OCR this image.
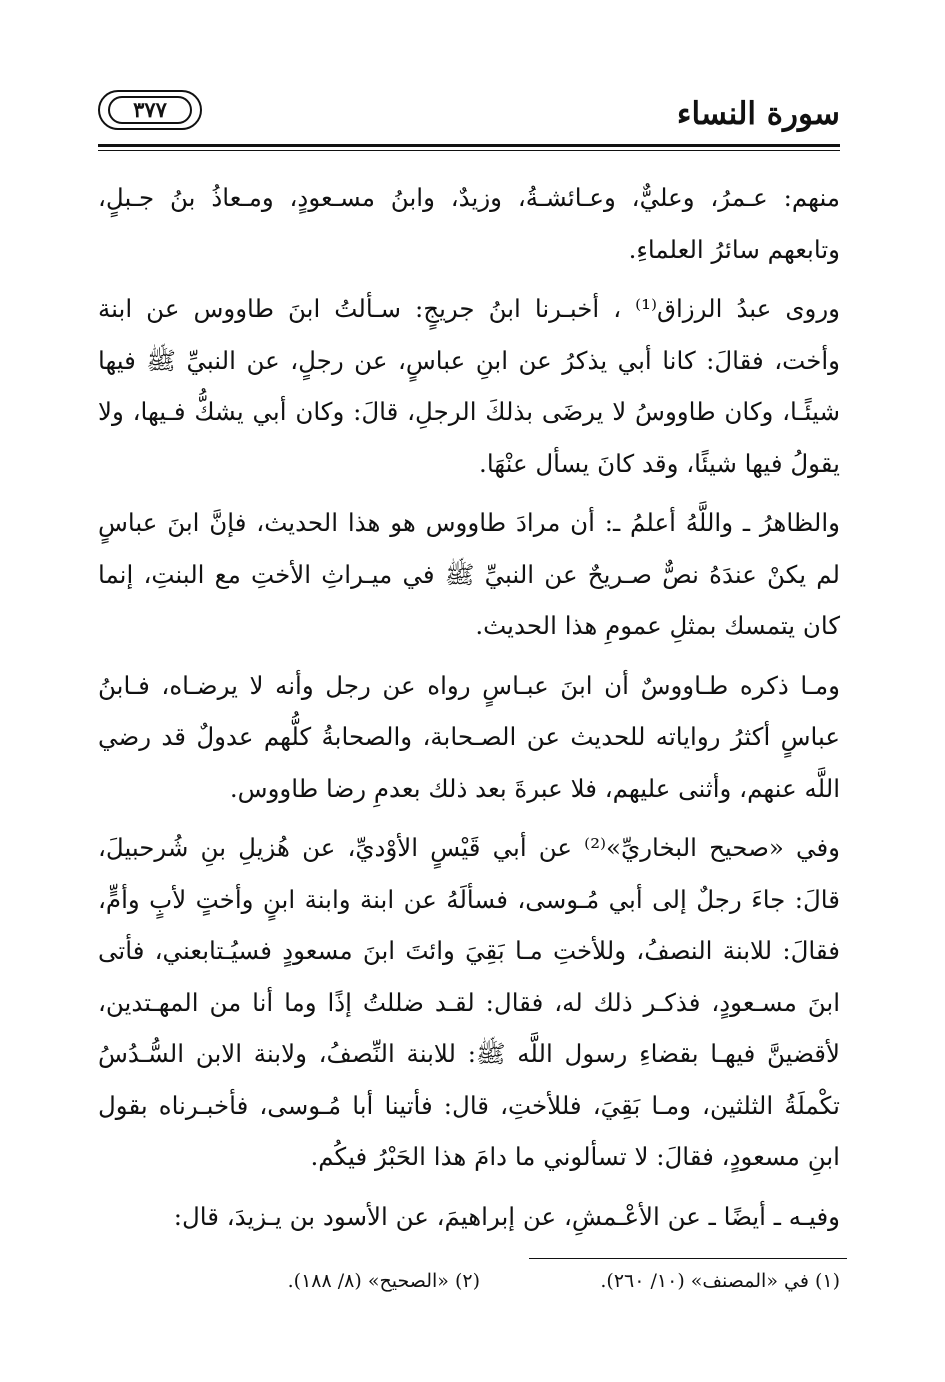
سورة النساء
٣٧٧

منهم: عـمرُ، وعليٌّ، وعـائشـةُ، وزيدٌ، وابنُ مسـعودٍ، ومـعاذُ بنُ جـبلٍ، وتابعهم سائرُ العلماءِ.

وروى عبدُ الرزاق⁽¹⁾ ، أخبـرنا ابنُ جريجٍ: سـألتُ ابنَ طاووس عن ابنة وأخت، فقالَ: كانا أبي يذكرُ عن ابنِ عباسٍ، عن رجلٍ، عن النبيِّ ﷺ فيها شيئًـا، وكان طاووسُ لا يرضَى بذلكَ الرجلِ، قالَ: وكان أبي يشكُّ فـيها، ولا يقولُ فيها شيئًا، وقد كانَ يسأل عنْهَا.

والظاهرُ ـ واللَّهُ أعلمُ ـ: أن مرادَ طاووس هو هذا الحديث، فإنَّ ابنَ عباسٍ لم يكنْ عندَهُ نصٌّ صـريحٌ عن النبيِّ ﷺ في ميـراثِ الأختِ مع البنتِ، إنما كان يتمسك بمثلِ عمومِ هذا الحديث.

ومـا ذكره طـاووسٌ أن ابنَ عبـاسٍ رواه عن رجل وأنه لا يرضـاه، فـابنُ عباسٍ أكثرُ رواياته للحديث عن الصـحابة، والصحابةُ كلُّهم عدولٌ قد رضي اللَّه عنهم، وأثنى عليهم، فلا عبرةَ بعد ذلك بعدمِ رضا طاووس.

وفي «صحيح البخاريِّ»⁽²⁾ عن أبي قَيْسٍ الأوْديِّ، عن هُزيلِ بنِ شُرحبيلَ، قالَ: جاءَ رجلٌ إلى أبي مُـوسى، فسألَهُ عن ابنة وابنة ابنٍ وأختٍ لأبٍ وأمٍّ، فقالَ: للابنة النصفُ، وللأختِ مـا بَقِيَ وائتَ ابنَ مسعودٍ فسيُـتابعني، فأتى ابنَ مسـعودٍ، فذكـر ذلك له، فقال: لقـد ضللتُ إذًا وما أنا من المهـتدين، لأقضينَّ فيهـا بقضاءِ رسول اللَّه ﷺ: للابنة النِّصفُ، ولابنة الابن السُّـدُسُ تكْملَةُ الثلثين، ومـا بَقِيَ، فللأختِ، قال: فأتينا أبا مُـوسى، فأخبـرناه بقول ابنِ مسعودٍ، فقالَ: لا تسألوني ما دامَ هذا الحَبْرُ فيكُم.

وفيـه ـ أيضًا ـ عن الأعْـمشِ، عن إبراهيمَ، عن الأسود بن يـزيدَ، قال:

(١) في «المصنف» (١٠/ ٢٦٠).
(٢) «الصحيح» (٨/ ١٨٨).
